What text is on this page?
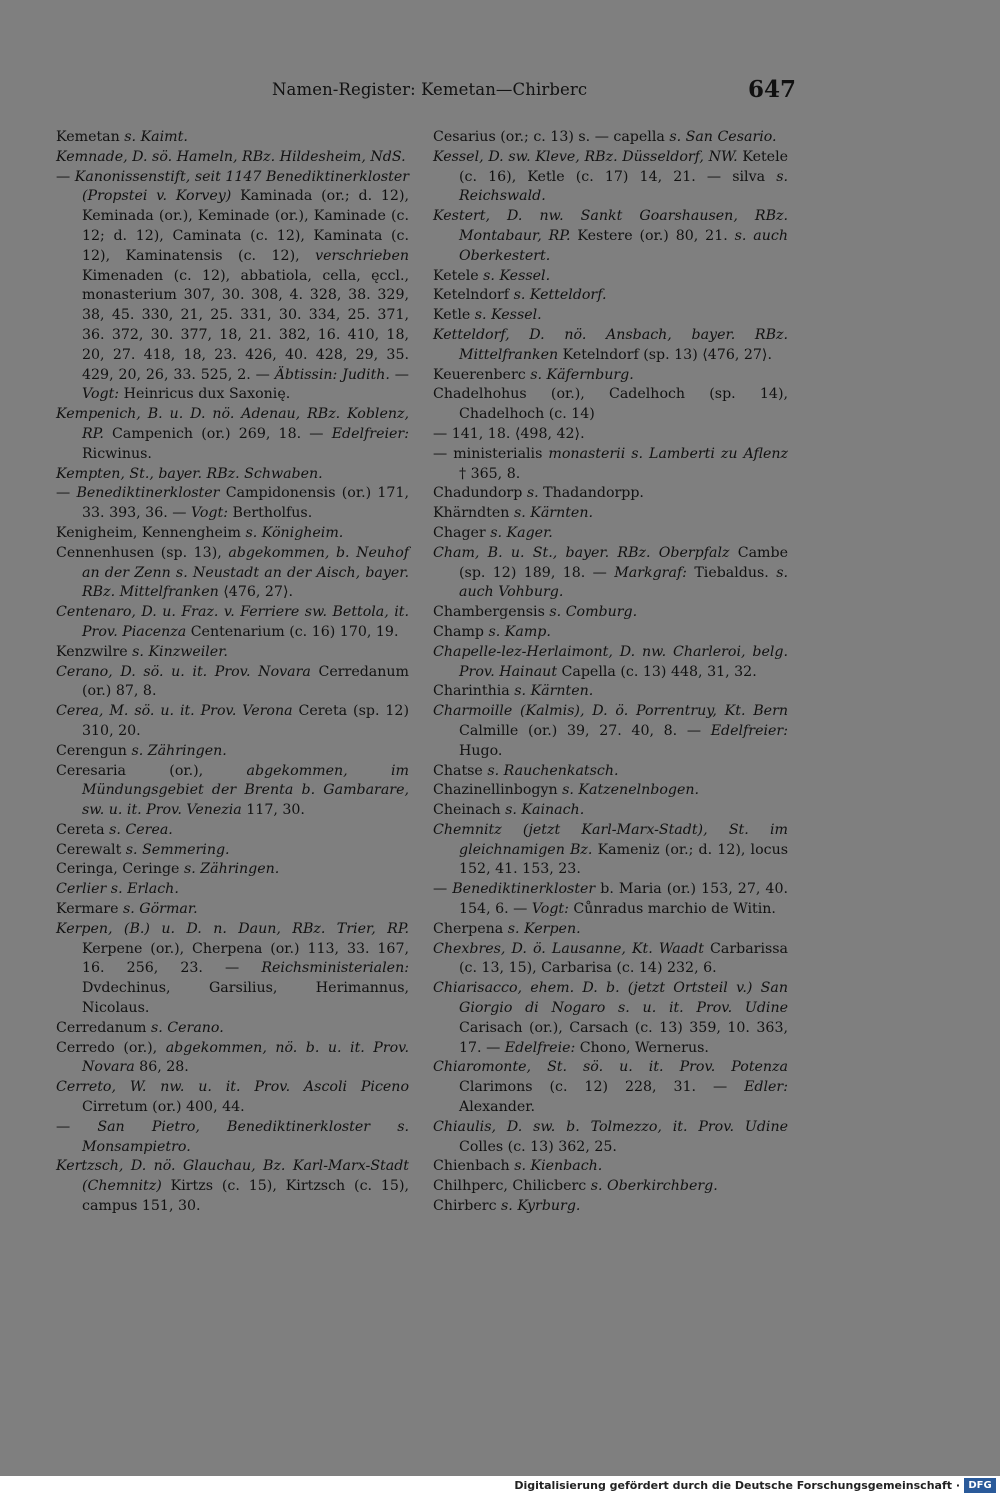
Namen-Register: Kemetan—Chirberc	647

Kemetan s. Kaimt.

Kemnade, D. sö. Hameln, RBz. Hildesheim, NdS.

— Kanonissenstift, seit 1147 Benediktinerkloster (Propstei v. Korvey) Kaminada (or.; d. 12), Keminada (or.), Keminade (or.), Kaminade (c. 12; d. 12), Caminata (c. 12), Kaminata (c. 12), Kaminatensis (c. 12), verschrieben Kimenaden (c. 12), abbatiola, cella, ęccl., monasterium 307, 30. 308, 4. 328, 38. 329, 38, 45. 330, 21, 25. 331, 30. 334, 25. 371, 36. 372, 30. 377, 18, 21. 382, 16. 410, 18, 20, 27. 418, 18, 23. 426, 40. 428, 29, 35. 429, 20, 26, 33. 525, 2. — Äbtissin: Judith. — Vogt: Heinricus dux Saxonię.

Kempenich, B. u. D. nö. Adenau, RBz. Koblenz, RP. Campenich (or.) 269, 18. — Edelfreier: Ricwinus.

Kempten, St., bayer. RBz. Schwaben.

— Benediktinerkloster Campidonensis (or.) 171, 33. 393, 36. — Vogt: Bertholfus.

Kenigheim, Kennengheim s. Königheim.

Cennenhusen (sp. 13), abgekommen, b. Neuhof an der Zenn s. Neustadt an der Aisch, bayer. RBz. Mittelfranken ⟨476, 27⟩.

Centenaro, D. u. Fraz. v. Ferriere sw. Bettola, it. Prov. Piacenza Centenarium (c. 16) 170, 19.

Kenzwilre s. Kinzweiler.

Cerano, D. sö. u. it. Prov. Novara Cerredanum (or.) 87, 8.

Cerea, M. sö. u. it. Prov. Verona Cereta (sp. 12) 310, 20.

Cerengun s. Zähringen.

Ceresaria (or.), abgekommen, im Mündungsgebiet der Brenta b. Gambarare, sw. u. it. Prov. Venezia 117, 30.

Cereta s. Cerea.

Cerewalt s. Semmering.

Ceringa, Ceringe s. Zähringen.

Cerlier s. Erlach.

Kermare s. Görmar.

Kerpen, (B.) u. D. n. Daun, RBz. Trier, RP. Kerpene (or.), Cherpena (or.) 113, 33. 167, 16. 256, 23. — Reichsministerialen: Dvdechinus, Garsilius, Herimannus, Nicolaus.

Cerredanum s. Cerano.

Cerredo (or.), abgekommen, nö. b. u. it. Prov. Novara 86, 28.

Cerreto, W. nw. u. it. Prov. Ascoli Piceno Cirretum (or.) 400, 44.

— San Pietro, Benediktinerkloster s. Monsampietro.

Kertzsch, D. nö. Glauchau, Bz. Karl-Marx-Stadt (Chemnitz) Kirtzs (c. 15), Kirtzsch (c. 15), campus 151, 30.

Cesarius (or.; c. 13) s. — capella s. San Cesario.

Kessel, D. sw. Kleve, RBz. Düsseldorf, NW. Ketele (c. 16), Ketle (c. 17) 14, 21. — silva s. Reichswald.

Kestert, D. nw. Sankt Goarshausen, RBz. Montabaur, RP. Kestere (or.) 80, 21. s. auch Oberkestert.

Ketele s. Kessel.

Ketelndorf s. Ketteldorf.

Ketle s. Kessel.

Ketteldorf, D. nö. Ansbach, bayer. RBz. Mittelfranken Ketelndorf (sp. 13) ⟨476, 27⟩.

Keuerenberc s. Käfernburg.

Chadelhohus (or.), Cadelhoch (sp. 14), Chadelhoch (c. 14)

— 141, 18. ⟨498, 42⟩.

— ministerialis monasterii s. Lamberti zu Aflenz † 365, 8.

Chadundorp s. Thadandorpp.

Khärndten s. Kärnten.

Chager s. Kager.

Cham, B. u. St., bayer. RBz. Oberpfalz Cambe (sp. 12) 189, 18. — Markgraf: Tiebaldus. s. auch Vohburg.

Chambergensis s. Comburg.

Champ s. Kamp.

Chapelle-lez-Herlaimont, D. nw. Charleroi, belg. Prov. Hainaut Capella (c. 13) 448, 31, 32.

Charinthia s. Kärnten.

Charmoille (Kalmis), D. ö. Porrentruy, Kt. Bern Calmille (or.) 39, 27. 40, 8. — Edelfreier: Hugo.

Chatse s. Rauchenkatsch.

Chazinellinbogyn s. Katzenelnbogen.

Cheinach s. Kainach.

Chemnitz (jetzt Karl-Marx-Stadt), St. im gleichnamigen Bz. Kameniz (or.; d. 12), locus 152, 41. 153, 23.

— Benediktinerkloster b. Maria (or.) 153, 27, 40. 154, 6. — Vogt: Cůnradus marchio de Witin.

Cherpena s. Kerpen.

Chexbres, D. ö. Lausanne, Kt. Waadt Carbarissa (c. 13, 15), Carbarisa (c. 14) 232, 6.

Chiarisacco, ehem. D. b. (jetzt Ortsteil v.) San Giorgio di Nogaro s. u. it. Prov. Udine Carisach (or.), Carsach (c. 13) 359, 10. 363, 17. — Edelfreie: Chono, Wernerus.

Chiaromonte, St. sö. u. it. Prov. Potenza Clarimons (c. 12) 228, 31. — Edler: Alexander.

Chiaulis, D. sw. b. Tolmezzo, it. Prov. Udine Colles (c. 13) 362, 25.

Chienbach s. Kienbach.

Chilhperc, Chilicberc s. Oberkirchberg.

Chirberc s. Kyrburg.

Digitalisierung gefördert durch die Deutsche Forschungsgemeinschaft · DFG
